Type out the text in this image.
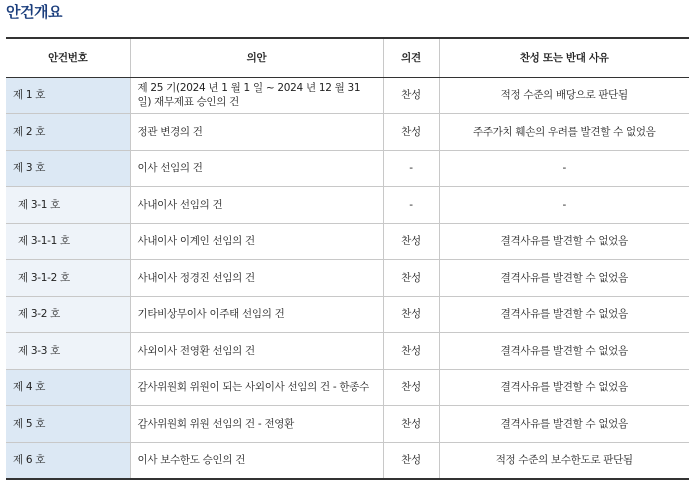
안건개요
안건번호	의안	의견	찬성 또는 반대 사유
제 1 호	제 25 기(2024 년 1 월 1 일 ~ 2024 년 12 월 31 일) 재무제표 승인의 건	찬성	적정 수준의 배당으로 판단됨
제 2 호	정관 변경의 건	찬성	주주가치 훼손의 우려를 발견할 수 없었음
제 3 호	이사 선임의 건	-	-
제 3-1 호	사내이사 선임의 건	-	-
제 3-1-1 호	사내이사 이계인 선임의 건	찬성	결격사유를 발견할 수 없었음
제 3-1-2 호	사내이사 정경진 선임의 건	찬성	결격사유를 발견할 수 없었음
제 3-2 호	기타비상무이사 이주태 선임의 건	찬성	결격사유를 발견할 수 없었음
제 3-3 호	사외이사 전영환 선임의 건	찬성	결격사유를 발견할 수 없었음
제 4 호	감사위원회 위원이 되는 사외이사 선임의 건 - 한종수	찬성	결격사유를 발견할 수 없었음
제 5 호	감사위원회 위원 선임의 건 - 전영환	찬성	결격사유를 발견할 수 없었음
제 6 호	이사 보수한도 승인의 건	찬성	적정 수준의 보수한도로 판단됨
